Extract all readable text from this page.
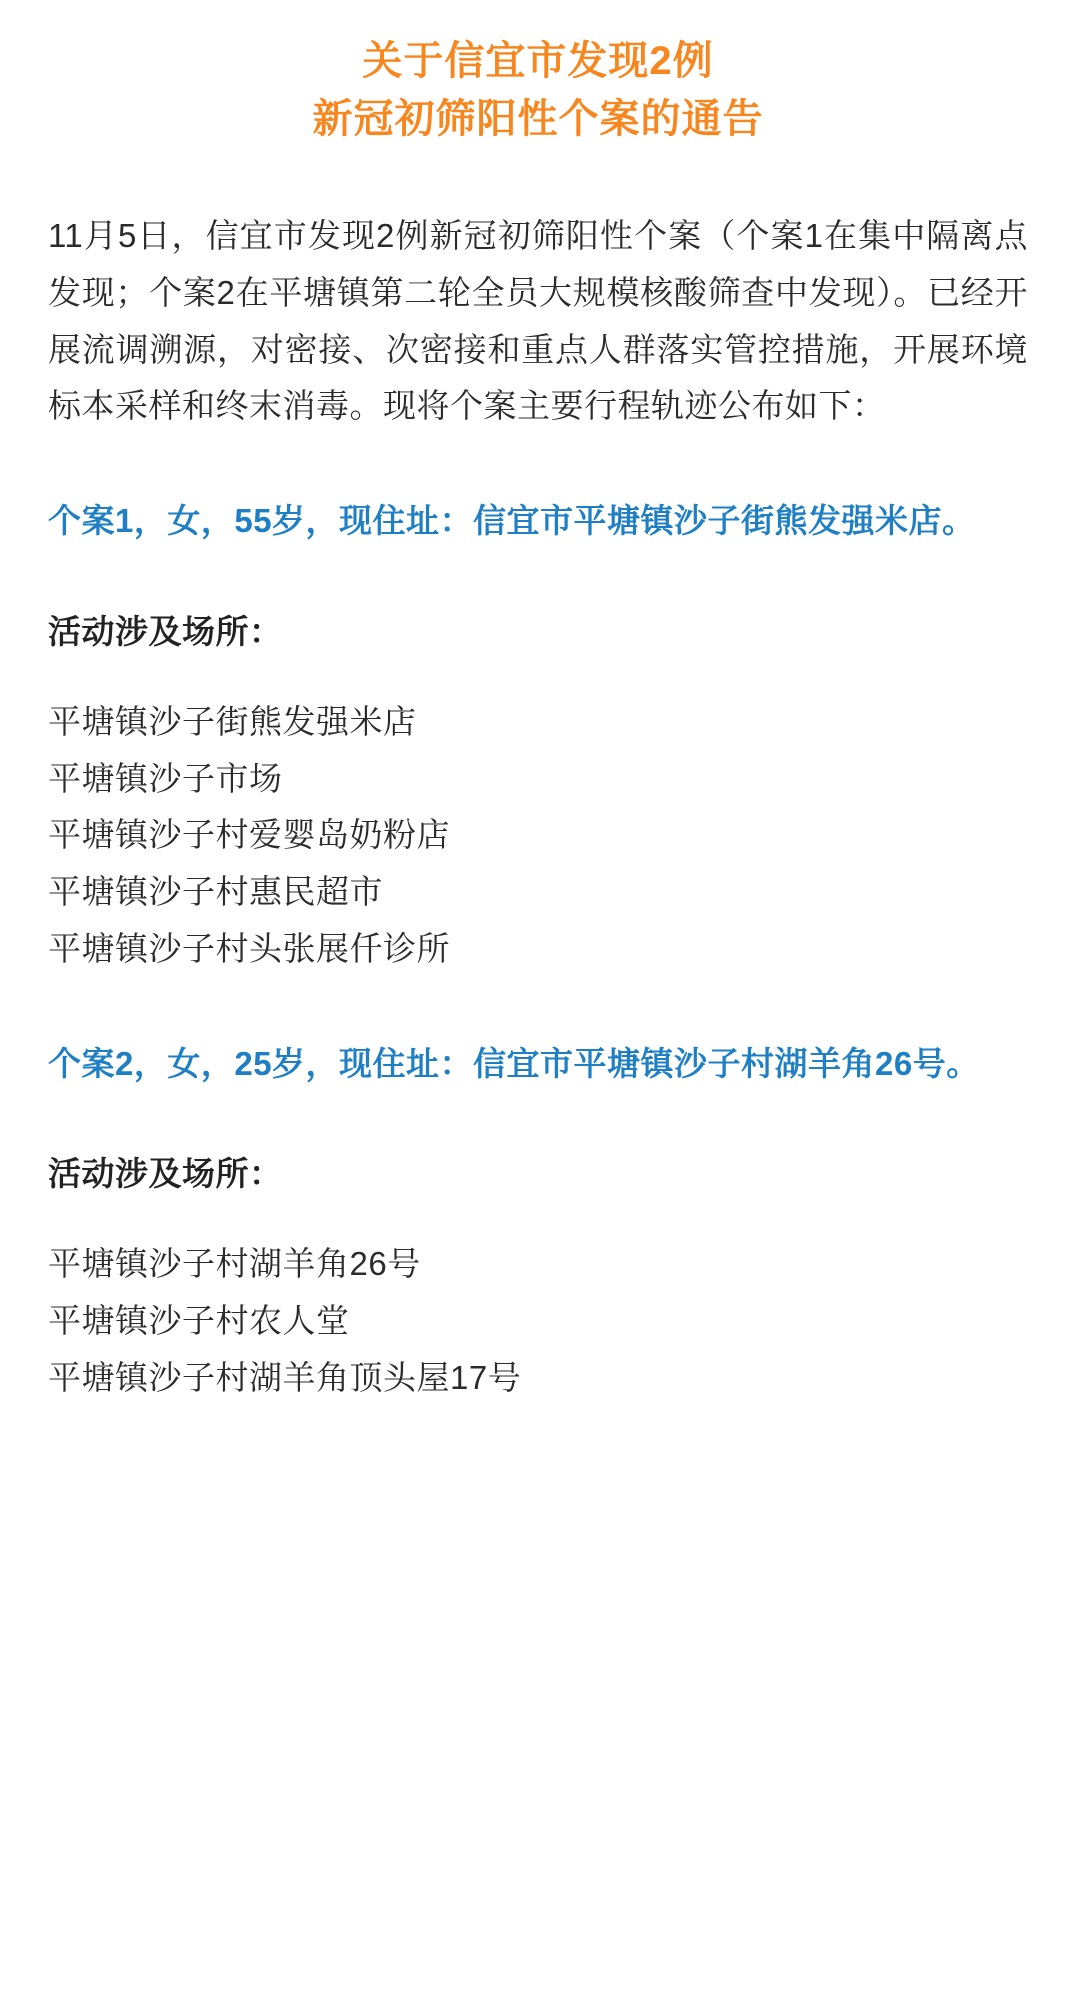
关于信宜市发现2例
新冠初筛阳性个案的通告

11月5日，信宜市发现2例新冠初筛阳性个案（个案1在集中隔离点发现；个案2在平塘镇第二轮全员大规模核酸筛查中发现）。已经开展流调溯源，对密接、次密接和重点人群落实管控措施，开展环境标本采样和终末消毒。现将个案主要行程轨迹公布如下：

个案1，女，55岁，现住址：信宜市平塘镇沙子街熊发强米店。

活动涉及场所：

平塘镇沙子街熊发强米店
平塘镇沙子市场
平塘镇沙子村爱婴岛奶粉店
平塘镇沙子村惠民超市
平塘镇沙子村头张展仟诊所

个案2，女，25岁，现住址：信宜市平塘镇沙子村湖羊角26号。

活动涉及场所：

平塘镇沙子村湖羊角26号
平塘镇沙子村农人堂
平塘镇沙子村湖羊角顶头屋17号
